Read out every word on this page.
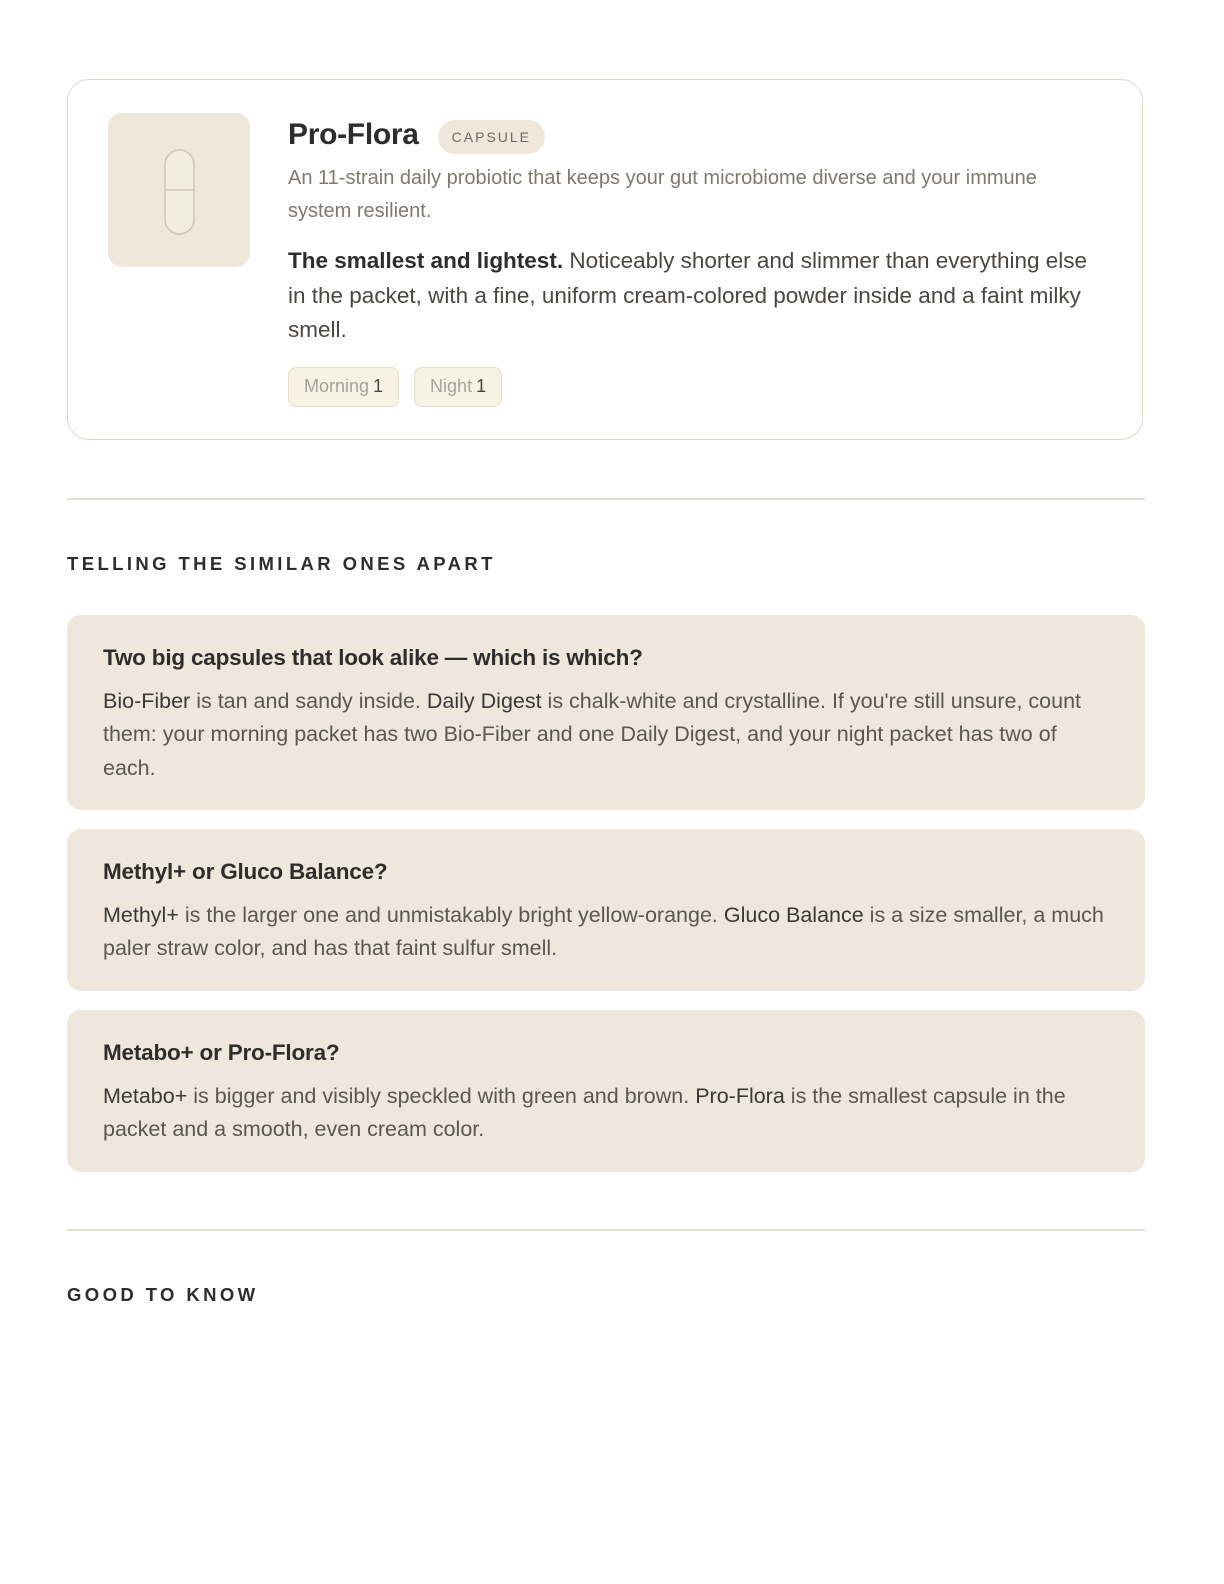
Pro-Flora	CAPSULE
An 11-strain daily probiotic that keeps your gut microbiome diverse and your immune system resilient.
The smallest and lightest. Noticeably shorter and slimmer than everything else in the packet, with a fine, uniform cream-colored powder inside and a faint milky smell.
Morning 1	Night 1
TELLING THE SIMILAR ONES APART
Two big capsules that look alike — which is which?
Bio-Fiber is tan and sandy inside. Daily Digest is chalk-white and crystalline. If you're still unsure, count them: your morning packet has two Bio-Fiber and one Daily Digest, and your night packet has two of each.
Methyl+ or Gluco Balance?
Methyl+ is the larger one and unmistakably bright yellow-orange. Gluco Balance is a size smaller, a much paler straw color, and has that faint sulfur smell.
Metabo+ or Pro-Flora?
Metabo+ is bigger and visibly speckled with green and brown. Pro-Flora is the smallest capsule in the packet and a smooth, even cream color.
GOOD TO KNOW
